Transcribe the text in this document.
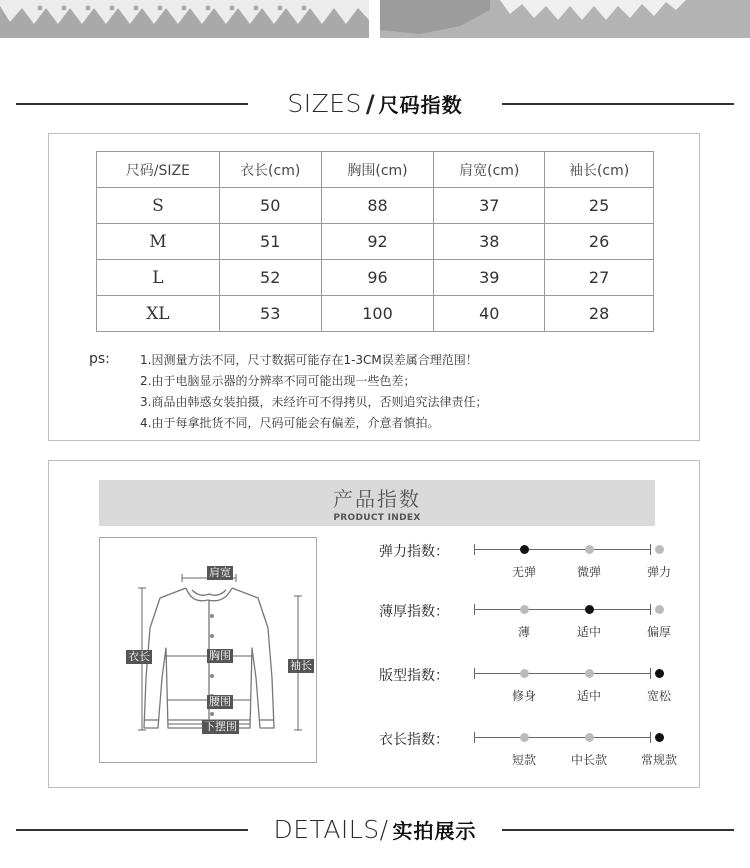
SIZES / 尺码指数
尺码/SIZE	衣长(cm)	胸围(cm)	肩宽(cm)	袖长(cm)
S	50	88	37	25
M	51	92	38	26
L	52	96	39	27
XL	53	100	40	28
ps:	1.因测量方法不同，尺寸数据可能存在1-3CM误差属合理范围！
2.由于电脑显示器的分辨率不同可能出现一些色差；
3.商品由韩惑女装拍摄，未经许可不得拷贝，否则追究法律责任；
4.由于每拿批货不同，尺码可能会有偏差，介意者慎拍。
产品指数
PRODUCT INDEX
肩宽
衣长	胸围
袖长
腰围
下摆围
弹力指数：
无弹	微弹	弹力
薄厚指数：
薄	适中	偏厚
版型指数：
修身	适中	宽松
衣长指数：
短款	中长款	常规款
DETAILS/ 实拍展示
